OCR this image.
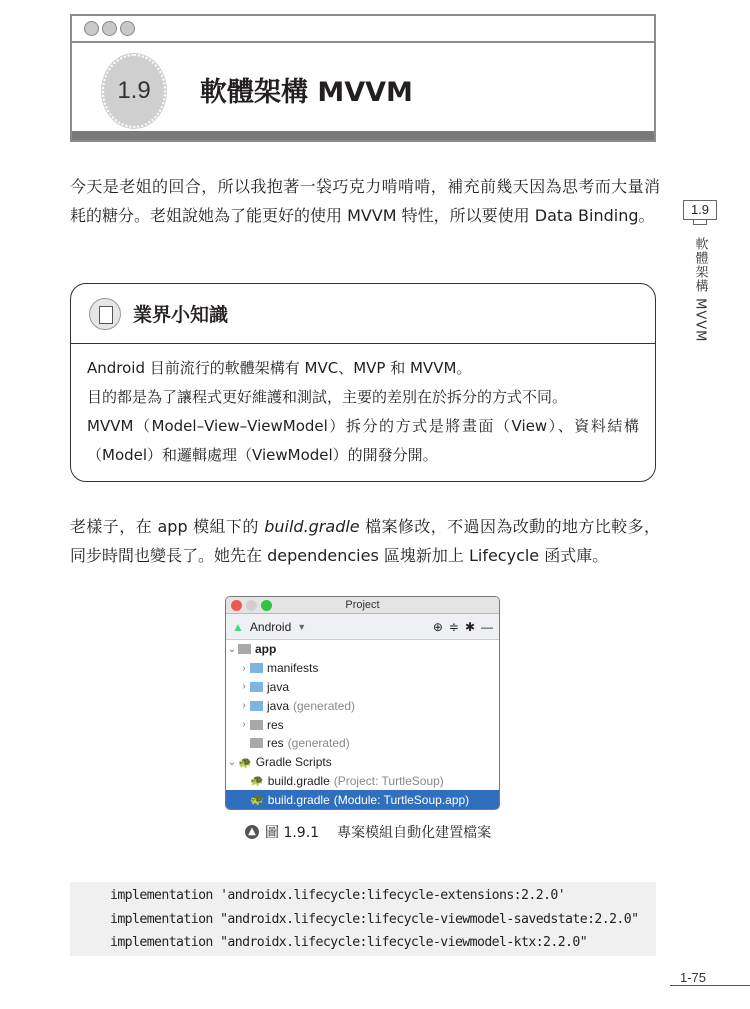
1.9	軟體架構 MVVM
1.9
軟體架構 MVVM

今天是老姐的回合，所以我抱著一袋巧克力啃啃啃，補充前幾天因為思考而大量消耗的糖分。老姐說她為了能更好的使用 MVVM 特性，所以要使用 Data Binding。

業界小知識
Android 目前流行的軟體架構有 MVC、MVP 和 MVVM。
目的都是為了讓程式更好維護和測試，主要的差別在於拆分的方式不同。
MVVM（Model–View–ViewModel）拆分的方式是將畫面（View）、資料結構（Model）和邏輯處理（ViewModel）的開發分開。

老樣子，在 app 模組下的 build.gradle 檔案修改，不過因為改動的地方比較多，同步時間也變長了。她先在 dependencies 區塊新加上 Lifecycle 函式庫。

Project
▲ Android ▼	⊕ ≑ ✱ —
⌄ app
›	manifests
›	java
›	java (generated)
›	res
res (generated)
⌄ 🐢 Gradle Scripts
🐢 build.gradle (Project: TurtleSoup)
🐢 build.gradle (Module: TurtleSoup.app)
▲ 圖 1.9.1 專案模組自動化建置檔案
implementation 'androidx.lifecycle:lifecycle-extensions:2.2.0'
implementation "androidx.lifecycle:lifecycle-viewmodel-savedstate:2.2.0"
implementation "androidx.lifecycle:lifecycle-viewmodel-ktx:2.2.0"
1-75
